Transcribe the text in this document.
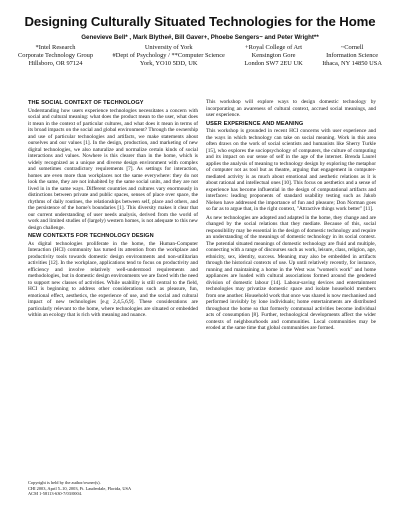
Designing Culturally Situated Technologies for the Home
Genevieve Bell* , Mark Blythe#, Bill Gaver+, Phoebe Sengers~ and Peter Wright**
*Intel Research
Corporate Technology Group
Hillsboro, OR 97124
University of York
#Dept of Psychology / **Computer Science
York, YO10 5DD, UK
+Royal College of Art
Kensington Gore
London SW7 2EU UK
~Cornell
Information Science
Ithaca, NY 14850 USA
THE SOCIAL CONTEXT OF TECHNOLOGY

Understanding how users experience technologies necessitates a concern with social and cultural meaning: what does the product mean to the user, what does it mean in the context of particular cultures, and what does it mean in terms of its broad impacts on the social and global environment? Through the ownership and use of particular technologies and artifacts, we make statements about ourselves and our values [1]. In the design, production, and marketing of new digital technologies, we also naturalize and normalize certain kinds of social interactions and values. Nowhere is this clearer than in the home, which is widely recognized as a unique and diverse design environment with complex and sometimes contradictory requirements [7]. As settings for interaction, homes are even more than workplaces not the same everywhere: they do not look the same, they are not inhabited by the same social units, and they are not lived in in the same ways. Different countries and cultures vary enormously in distinctions between private and public spaces, senses of place over space, the rhythms of daily routines, the relationships between self, place and others, and the persistence of the home's boundaries [1]. This diversity makes it clear that our current understanding of user needs analysis, derived from the world of work and limited studies of (largely) western homes, is not adequate to this new design challenge.

NEW CONTEXTS FOR TECHNOLOGY DESIGN

As digital technologies proliferate in the home, the Human-Computer Interaction (HCI) community has turned its attention from the workplace and productivity tools towards domestic design environments and non-utilitarian activities [12]. In the workplace, applications tend to focus on productivity and efficiency and involve relatively well-understood requirements and methodologies, but in domestic design environments we are faced with the need to support new classes of activities. While usability is still central to the field, HCI is beginning to address other considerations such as pleasure, fun, emotional effect, aesthetics, the experience of use, and the social and cultural impact of new technologies [e.g 2,4,5,6,9]. These considerations are particularly relevant to the home, where technologies are situated or embedded within an ecology that is rich with meaning and nuance.

Copyright is held by the author/owner(s).
CHI 2003, April 5–10, 2003, Ft. Lauderdale, Florida, USA
ACM 1-58113-630-7/03/0004.

This workshop will explore ways to design domestic technology by incorporating an awareness of cultural context, accrued social meanings, and user experience.

USER EXPERIENCE AND MEANING

This workshop is grounded in recent HCI concerns with user experience and the ways in which technology can take on social meaning. Work in this area often draws on the work of social scientists and humanists like Sherry Turkle [15], who explores the sociopsychology of computers, the culture of computing and its impact on our sense of self in the age of the internet. Brenda Laurel applies the analysis of meaning to technology design by exploring the metaphor of computer not as tool but as theatre, arguing that engagement in computer-mediated activity is as much about emotional and aesthetic relations as it is about rational and intellectual ones [10]. This focus on aesthetics and a sense of experience has become influential in the design of computational artifacts and interfaces: leading proponents of standard usability testing such as Jakob Nielsen have addressed the importance of fun and pleasure; Don Norman goes so far as to argue that, in the right context, "Attractive things work better" [11].

As new technologies are adopted and adapted in the home, they change and are changed by the social relations that they mediate. Because of this, social responsibility may be essential in the design of domestic technology and require an understanding of the meanings of domestic technology in its social context. The potential situated meanings of domestic technology are fluid and multiple, connecting with a range of discourses such as work, leisure, class, religion, age, ethnicity, sex, identity, success. Meaning may also be embedded in artifacts through the historical contexts of use. Up until relatively recently, for instance, running and maintaining a home in the West was "women's work" and home appliances are loaded with cultural associations formed around the gendered division of domestic labour [14]. Labour-saving devices and entertainment technologies may privatize domestic space and isolate household members from one another. Household work that once was shared is now mechanised and performed invisibly by lone individuals; home entertainments are distributed throughout the home so that formerly communal activities become individual acts of consumption [8]. Further, technological developments affect the wider contexts of neighbourhoods and communities. Local communities may be eroded at the same time that global communities are formed.
